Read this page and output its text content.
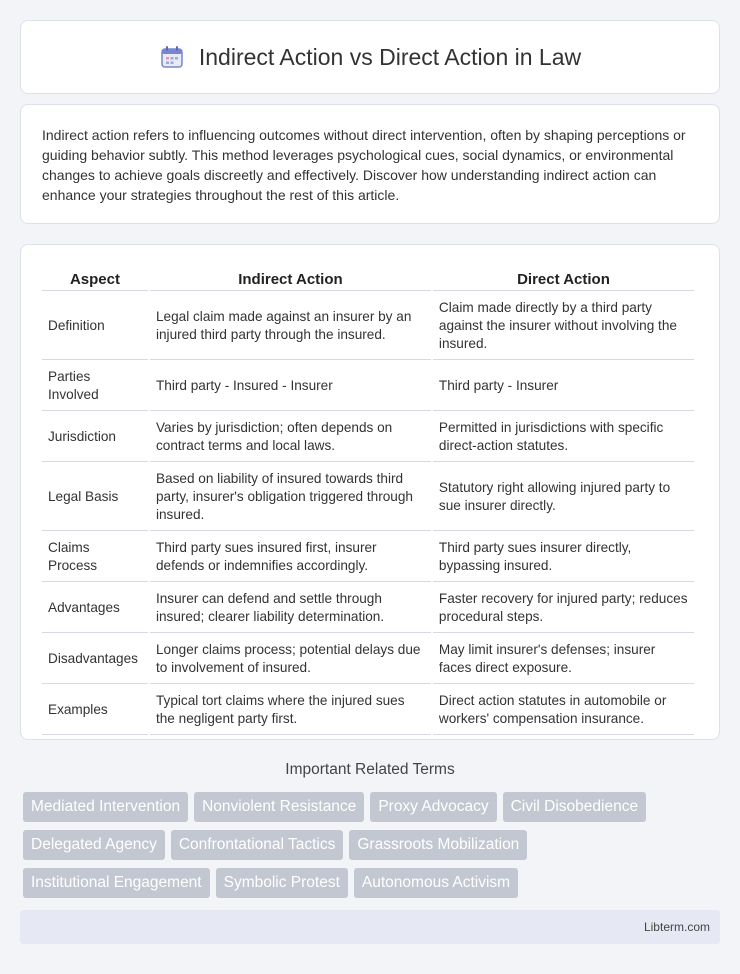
Indirect Action vs Direct Action in Law

Indirect action refers to influencing outcomes without direct intervention, often by shaping perceptions or guiding behavior subtly. This method leverages psychological cues, social dynamics, or environmental changes to achieve goals discreetly and effectively. Discover how understanding indirect action can enhance your strategies throughout the rest of this article.

Aspect	Indirect Action	Direct Action
Definition	Legal claim made against an insurer by an injured third party through the insured.	Claim made directly by a third party against the insurer without involving the insured.
Parties Involved	Third party - Insured - Insurer	Third party - Insurer
Jurisdiction	Varies by jurisdiction; often depends on contract terms and local laws.	Permitted in jurisdictions with specific direct-action statutes.
Legal Basis	Based on liability of insured towards third party, insurer's obligation triggered through insured.	Statutory right allowing injured party to sue insurer directly.
Claims Process	Third party sues insured first, insurer defends or indemnifies accordingly.	Third party sues insurer directly, bypassing insured.
Advantages	Insurer can defend and settle through insured; clearer liability determination.	Faster recovery for injured party; reduces procedural steps.
Disadvantages	Longer claims process; potential delays due to involvement of insured.	May limit insurer's defenses; insurer faces direct exposure.
Examples	Typical tort claims where the injured sues the negligent party first.	Direct action statutes in automobile or workers' compensation insurance.
Important Related Terms
Mediated Intervention	Nonviolent Resistance	Proxy Advocacy	Civil Disobedience
Delegated Agency	Confrontational Tactics	Grassroots Mobilization
Institutional Engagement	Symbolic Protest	Autonomous Activism
Libterm.com
